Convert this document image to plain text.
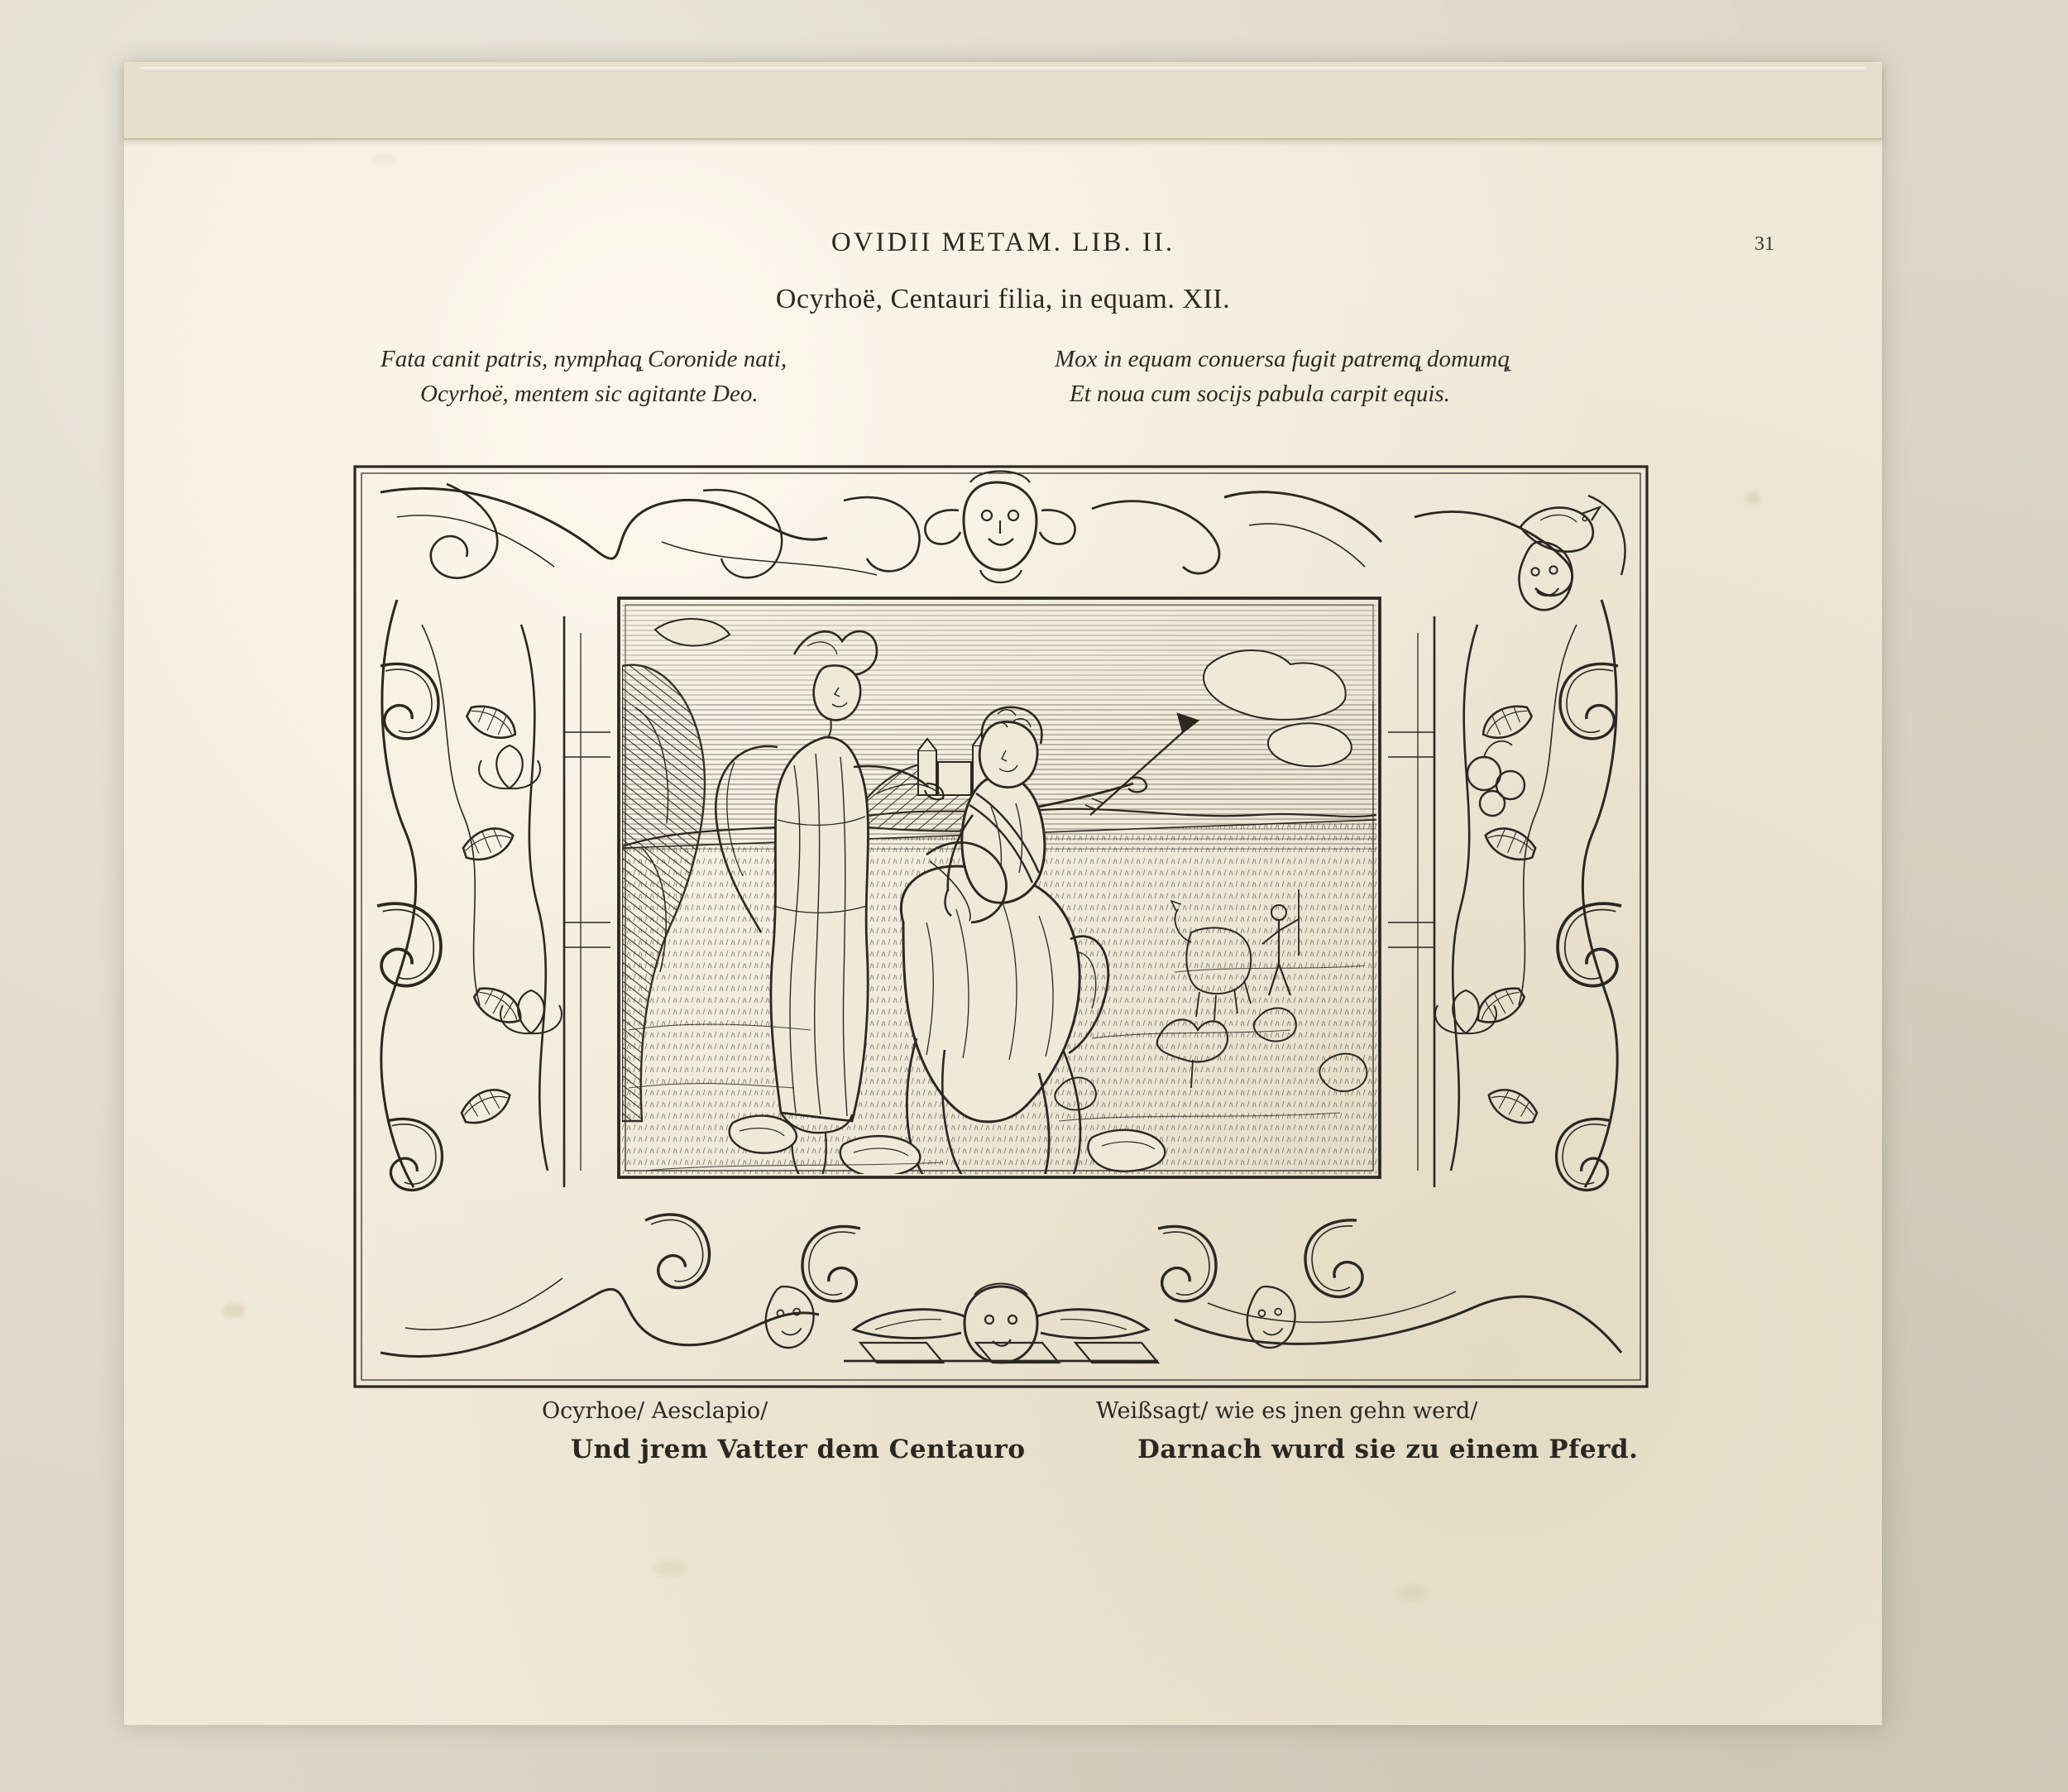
OVIDII METAM. LIB. II.	31
Ocyrhoë, Centauri filia, in equam. XII.
Fata canit patris, nymphaq̨ Coronide nati,
Ocyrhoë, mentem sic agitante Deo.
Mox in equam conuersa fugit patremq̨ domumq̨
Et noua cum socijs pabula carpit equis.
Ocyrhoe/ Aesclapio/
Und jrem Vatter dem Centaurо
Weißsagt/ wie es jnen gehn werd/
Darnach wurd sie zu einem Pferd.
